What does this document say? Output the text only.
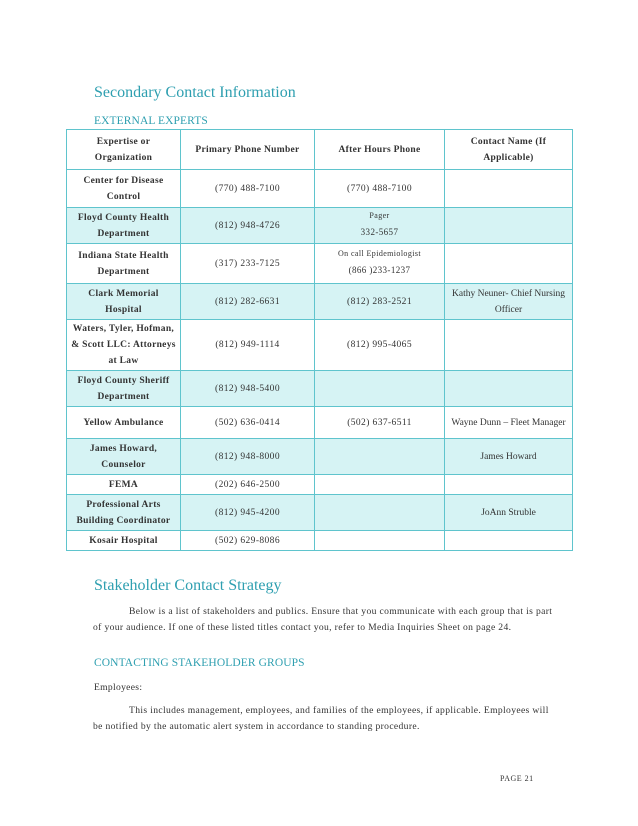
Secondary Contact Information
EXTERNAL EXPERTS
Expertise or Organization	Primary Phone Number	After Hours Phone	Contact Name (If Applicable)
Center for Disease Control	(770) 488-7100	(770) 488-7100	
Floyd County Health Department	(812) 948-4726	Pager
332-5657	

Indiana State Health Department	(317) 233-7125	On call Epidemiologist
(866 )233-1237	

Clark Memorial Hospital	(812) 282-6631	(812) 283-2521	Kathy Neuner- Chief Nursing Officer
Waters, Tyler, Hofman, & Scott LLC: Attorneys at Law	(812) 949-1114	(812) 995-4065	
Floyd County Sheriff Department	(812) 948-5400		
Yellow Ambulance	(502) 636-0414	(502) 637-6511	Wayne Dunn – Fleet Manager
James Howard, Counselor	(812) 948-8000		James Howard
FEMA	(202) 646-2500		
Professional Arts Building Coordinator	(812) 945-4200		JoAnn Struble
Kosair Hospital	(502) 629-8086		
Stakeholder Contact Strategy

Below is a list of stakeholders and publics. Ensure that you communicate with each group that is part of your audience. If one of these listed titles contact you, refer to Media Inquiries Sheet on page 24.

CONTACTING STAKEHOLDER GROUPS

Employees:

This includes management, employees, and families of the employees, if applicable. Employees will be notified by the automatic alert system in accordance to standing procedure.

PAGE 21
